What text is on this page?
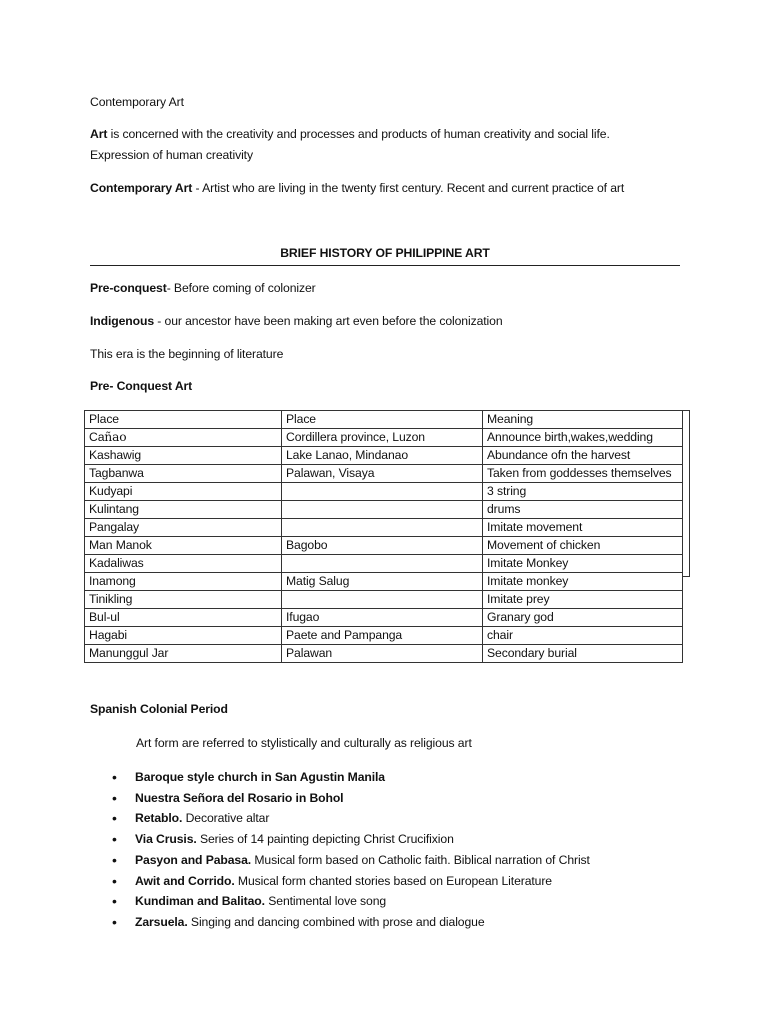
Contemporary Art
Art is concerned with the creativity and processes and products of human creativity and social life.
Expression of human creativity
Contemporary Art - Artist who are living in the twenty first century. Recent and current practice of art
BRIEF HISTORY OF PHILIPPINE ART
Pre-conquest- Before coming of colonizer
Indigenous - our ancestor have been making art even before the colonization
This era is the beginning of literature
Pre- Conquest Art
Place	Place	Meaning
Cañao	Cordillera province, Luzon	Announce birth,wakes,wedding
Kashawig	Lake Lanao, Mindanao	Abundance ofn the harvest
Tagbanwa	Palawan, Visaya	Taken from goddesses themselves
Kudyapi		3 string
Kulintang		drums
Pangalay		Imitate movement
Man Manok	Bagobo	Movement of chicken
Kadaliwas		Imitate Monkey
Inamong	Matig Salug	Imitate monkey
Tinikling		Imitate prey
Bul-ul	Ifugao	Granary god
Hagabi	Paete and Pampanga	chair
Manunggul Jar	Palawan	Secondary burial
Spanish Colonial Period
Art form are referred to stylistically and culturally as religious art
• Baroque style church in San Agustin Manila
• Nuestra Señora del Rosario in Bohol
• Retablo. Decorative altar
• Via Crusis. Series of 14 painting depicting Christ Crucifixion
• Pasyon and Pabasa. Musical form based on Catholic faith. Biblical narration of Christ
• Awit and Corrido. Musical form chanted stories based on European Literature
• Kundiman and Balitao. Sentimental love song
• Zarsuela. Singing and dancing combined with prose and dialogue
